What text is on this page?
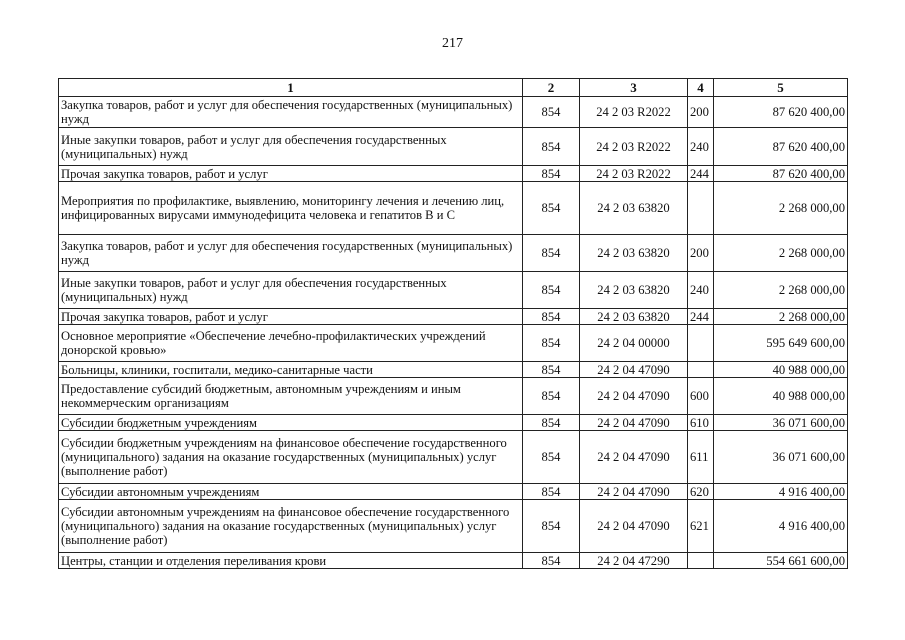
217
1	2	3	4	5
Закупка товаров, работ и услуг для обеспечения государственных (муниципальных) нужд	854	24 2 03 R2022	200	87 620 400,00
Иные закупки товаров, работ и услуг для обеспечения государственных (муниципальных) нужд	854	24 2 03 R2022	240	87 620 400,00
Прочая закупка товаров, работ и услуг	854	24 2 03 R2022	244	87 620 400,00
Мероприятия по профилактике, выявлению, мониторингу лечения и лечению лиц, инфицированных вирусами иммунодефицита человека и гепатитов В и С	854	24 2 03 63820		2 268 000,00
Закупка товаров, работ и услуг для обеспечения государственных (муниципальных) нужд	854	24 2 03 63820	200	2 268 000,00
Иные закупки товаров, работ и услуг для обеспечения государственных (муниципальных) нужд	854	24 2 03 63820	240	2 268 000,00
Прочая закупка товаров, работ и услуг	854	24 2 03 63820	244	2 268 000,00
Основное мероприятие «Обеспечение лечебно-профилактических учреждений донорской кровью»	854	24 2 04 00000		595 649 600,00
Больницы, клиники, госпитали, медико-санитарные части	854	24 2 04 47090		40 988 000,00
Предоставление субсидий бюджетным, автономным учреждениям и иным некоммерческим организациям	854	24 2 04 47090	600	40 988 000,00
Субсидии бюджетным учреждениям	854	24 2 04 47090	610	36 071 600,00
Субсидии бюджетным учреждениям на финансовое обеспечение государственного (муниципального) задания на оказание государственных (муниципальных) услуг (выполнение работ)	854	24 2 04 47090	611	36 071 600,00
Субсидии автономным учреждениям	854	24 2 04 47090	620	4 916 400,00
Субсидии автономным учреждениям на финансовое обеспечение государственного (муниципального) задания на оказание государственных (муниципальных) услуг (выполнение работ)	854	24 2 04 47090	621	4 916 400,00
Центры, станции и отделения переливания крови	854	24 2 04 47290		554 661 600,00
